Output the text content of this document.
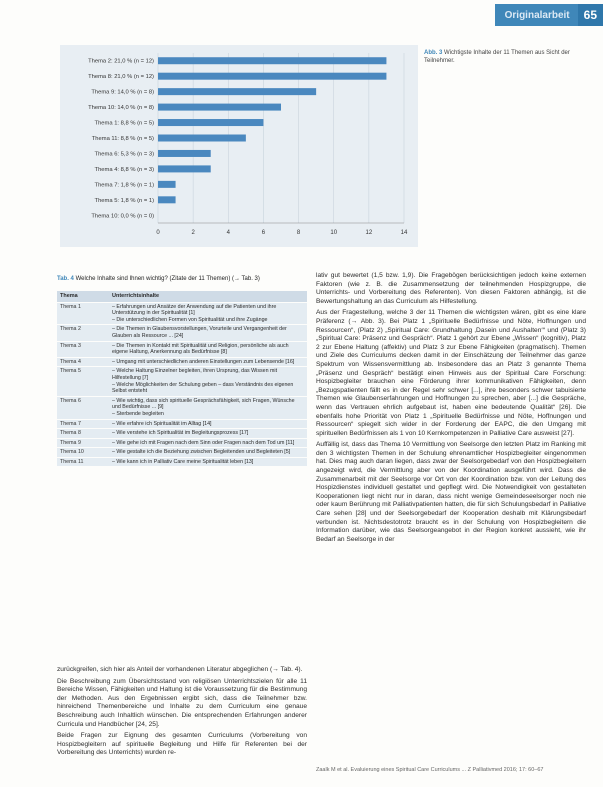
Originalarbeit	65
Thema 2: 21,0 % (n = 12)
Thema 8: 21,0 % (n = 12)
Thema 9: 14,0 % (n = 8)
Thema 10: 14,0 % (n = 8)
Thema 1: 8,8 % (n = 5)
Thema 11: 8,8 % (n = 5)
Thema 6: 5,3 % (n = 3)
Thema 4: 8,8 % (n = 3)
Thema 7: 1,8 % (n = 1)
Thema 5: 1,8 % (n = 1)
Thema 10: 0,0 % (n = 0)
0	2	4	6	8	10	12	14
Abb. 3 Wichtigste Inhalte der 11 Themen aus Sicht der Teilnehmer.
Tab. 4 Welche Inhalte sind Ihnen wichtig? (Zitate der 11 Themen) (→ Tab. 3)
Thema	Unterrichtsinhalte
Thema 1	– Erfahrungen und Ansätze der Anwendung auf die Patienten und ihre Unterstützung in der Spiritualität [1]
– Die unterschiedlichen Formen von Spiritualität und ihre Zugänge

Thema 2	– Die Themen in Glaubensvorstellungen, Vorurteile und Vergangenheit der Glauben als Ressource ... [24]

Thema 3	– Die Themen in Kontakt mit Spiritualität und Religion, persönliche als auch eigene Haltung, Anerkennung als Bedürfnisse [8]

Thema 4	– Umgang mit unterschiedlichen anderen Einstellungen zum Lebensende [16]

Thema 5	– Welche Haltung Einzelner begleiten, ihren Ursprung, das Wissen mit Hilfestellung [7]
– Welche Möglichkeiten der Schulung geben – dass Verständnis des eigenen Selbst entsteht

Thema 6	– Wie wichtig, dass sich spirituelle Gesprächsfähigkeit, sich Fragen, Wünsche und Bedürfnisse ... [9]
– Sterbende begleiten

Thema 7	– Wie erfahre ich Spiritualität im Alltag [14]

Thema 8	– Wie verstehe ich Spiritualität im Begleitungsprozess [17]

Thema 9	– Wie gehe ich mit Fragen nach dem Sinn oder Fragen nach dem Tod um [11]

Thema 10	– Wie gestalte ich die Beziehung zwischen Begleitenden und Begleiteten [5]

Thema 11	– Wie kann ich in Palliativ Care meine Spiritualität leben [13]

zurückgreifen, sich hier als Anteil der vorhandenen Literatur abgeglichen (→ Tab. 4).

Die Beschreibung zum Übersichtsstand von religiösen Unterrichtszielen für alle 11 Bereiche Wissen, Fähigkeiten und Haltung ist die Voraussetzung für die Bestimmung der Methoden. Aus den Ergebnissen ergibt sich, dass die Teilnehmer bzw. hinreichend Themenbereiche und Inhalte zu dem Curriculum eine genaue Beschreibung auch Inhaltlich wünschen. Die entsprechenden Erfahrungen anderer Curricula und Handbücher [24, 25].

Beide Fragen zur Eignung des gesamten Curriculums (Vorbereitung von Hospizbegleitern auf spirituelle Begleitung und Hilfe für Referenten bei der Vorbereitung des Unterrichts) wurden re-

lativ gut bewertet (1,5 bzw. 1,9). Die Fragebögen berücksichtigen jedoch keine externen Faktoren (wie z. B. die Zusammensetzung der teilnehmenden Hospizgruppe, die Unterrichts- und Vorbereitung des Referenten). Von diesen Faktoren abhängig, ist die Bewertungshaltung an das Curriculum als Hilfestellung.

Aus der Fragestellung, welche 3 der 11 Themen die wichtigsten wären, gibt es eine klare Präferenz (→ Abb. 3). Bei Platz 1 „Spirituelle Bedürfnisse und Nöte, Hoffnungen und Ressourcen“, (Platz 2) „Spiritual Care: Grundhaltung ‚Dasein und Aushalten‘“ und (Platz 3) „Spiritual Care: Präsenz und Gespräch“. Platz 1 gehört zur Ebene „Wissen“ (kognitiv), Platz 2 zur Ebene Haltung (affektiv) und Platz 3 zur Ebene Fähigkeiten (pragmatisch). Themen und Ziele des Curriculums decken damit in der Einschätzung der Teilnehmer das ganze Spektrum von Wissensvermittlung ab. Insbesondere das an Platz 3 genannte Thema „Präsenz und Gespräch“ bestätigt einen Hinweis aus der Spiritual Care Forschung: Hospizbegleiter brauchen eine Förderung ihrer kommunikativen Fähigkeiten, denn „Bezugspatienten fällt es in der Regel sehr schwer [...], ihre besonders schwer tabuisierte Themen wie Glaubenserfahrungen und Hoffnungen zu sprechen, aber [...] die Gespräche, wenn das Vertrauen ehrlich aufgebaut ist, haben eine bedeutende Qualität“ [26]. Die ebenfalls hohe Priorität von Platz 1 „Spirituelle Bedürfnisse und Nöte, Hoffnungen und Ressourcen“ spiegelt sich wider in der Forderung der EAPC, die den Umgang mit spirituellen Bedürfnissen als 1 von 10 Kernkompetenzen in Palliative Care ausweist [27].

Auffällig ist, dass das Thema 10 Vermittlung von Seelsorge den letzten Platz im Ranking mit den 3 wichtigsten Themen in der Schulung ehrenamtlicher Hospizbegleiter eingenommen hat. Dies mag auch daran liegen, dass zwar der Seelsorgebedarf von den Hospizbegleitern angezeigt wird, die Vermittlung aber von der Koordination ausgeführt wird. Dass die Zusammenarbeit mit der Seelsorge vor Ort von der Koordination bzw. von der Leitung des Hospizdienstes individuell gestaltet und gepflegt wird. Die Notwendigkeit von gestalteten Kooperationen liegt nicht nur in daran, dass nicht wenige Gemeindeseelsorger noch nie oder kaum Berührung mit Palliativpatienten hatten, die für sich Schulungsbedarf in Palliative Care sehen [28] und der Seelsorgebedarf der Kooperation deshalb mit Klärungsbedarf verbunden ist. Nichtsdestotrotz braucht es in der Schulung von Hospizbegleitern die Information darüber, wie das Seelsorgeangebot in der Region konkret aussieht, wie ihr Bedarf an Seelsorge in der

Zaalk M et al. Evaluierung eines Spiritual Care Curriculums ... Z Palliativmed 2016; 17: 60–67
